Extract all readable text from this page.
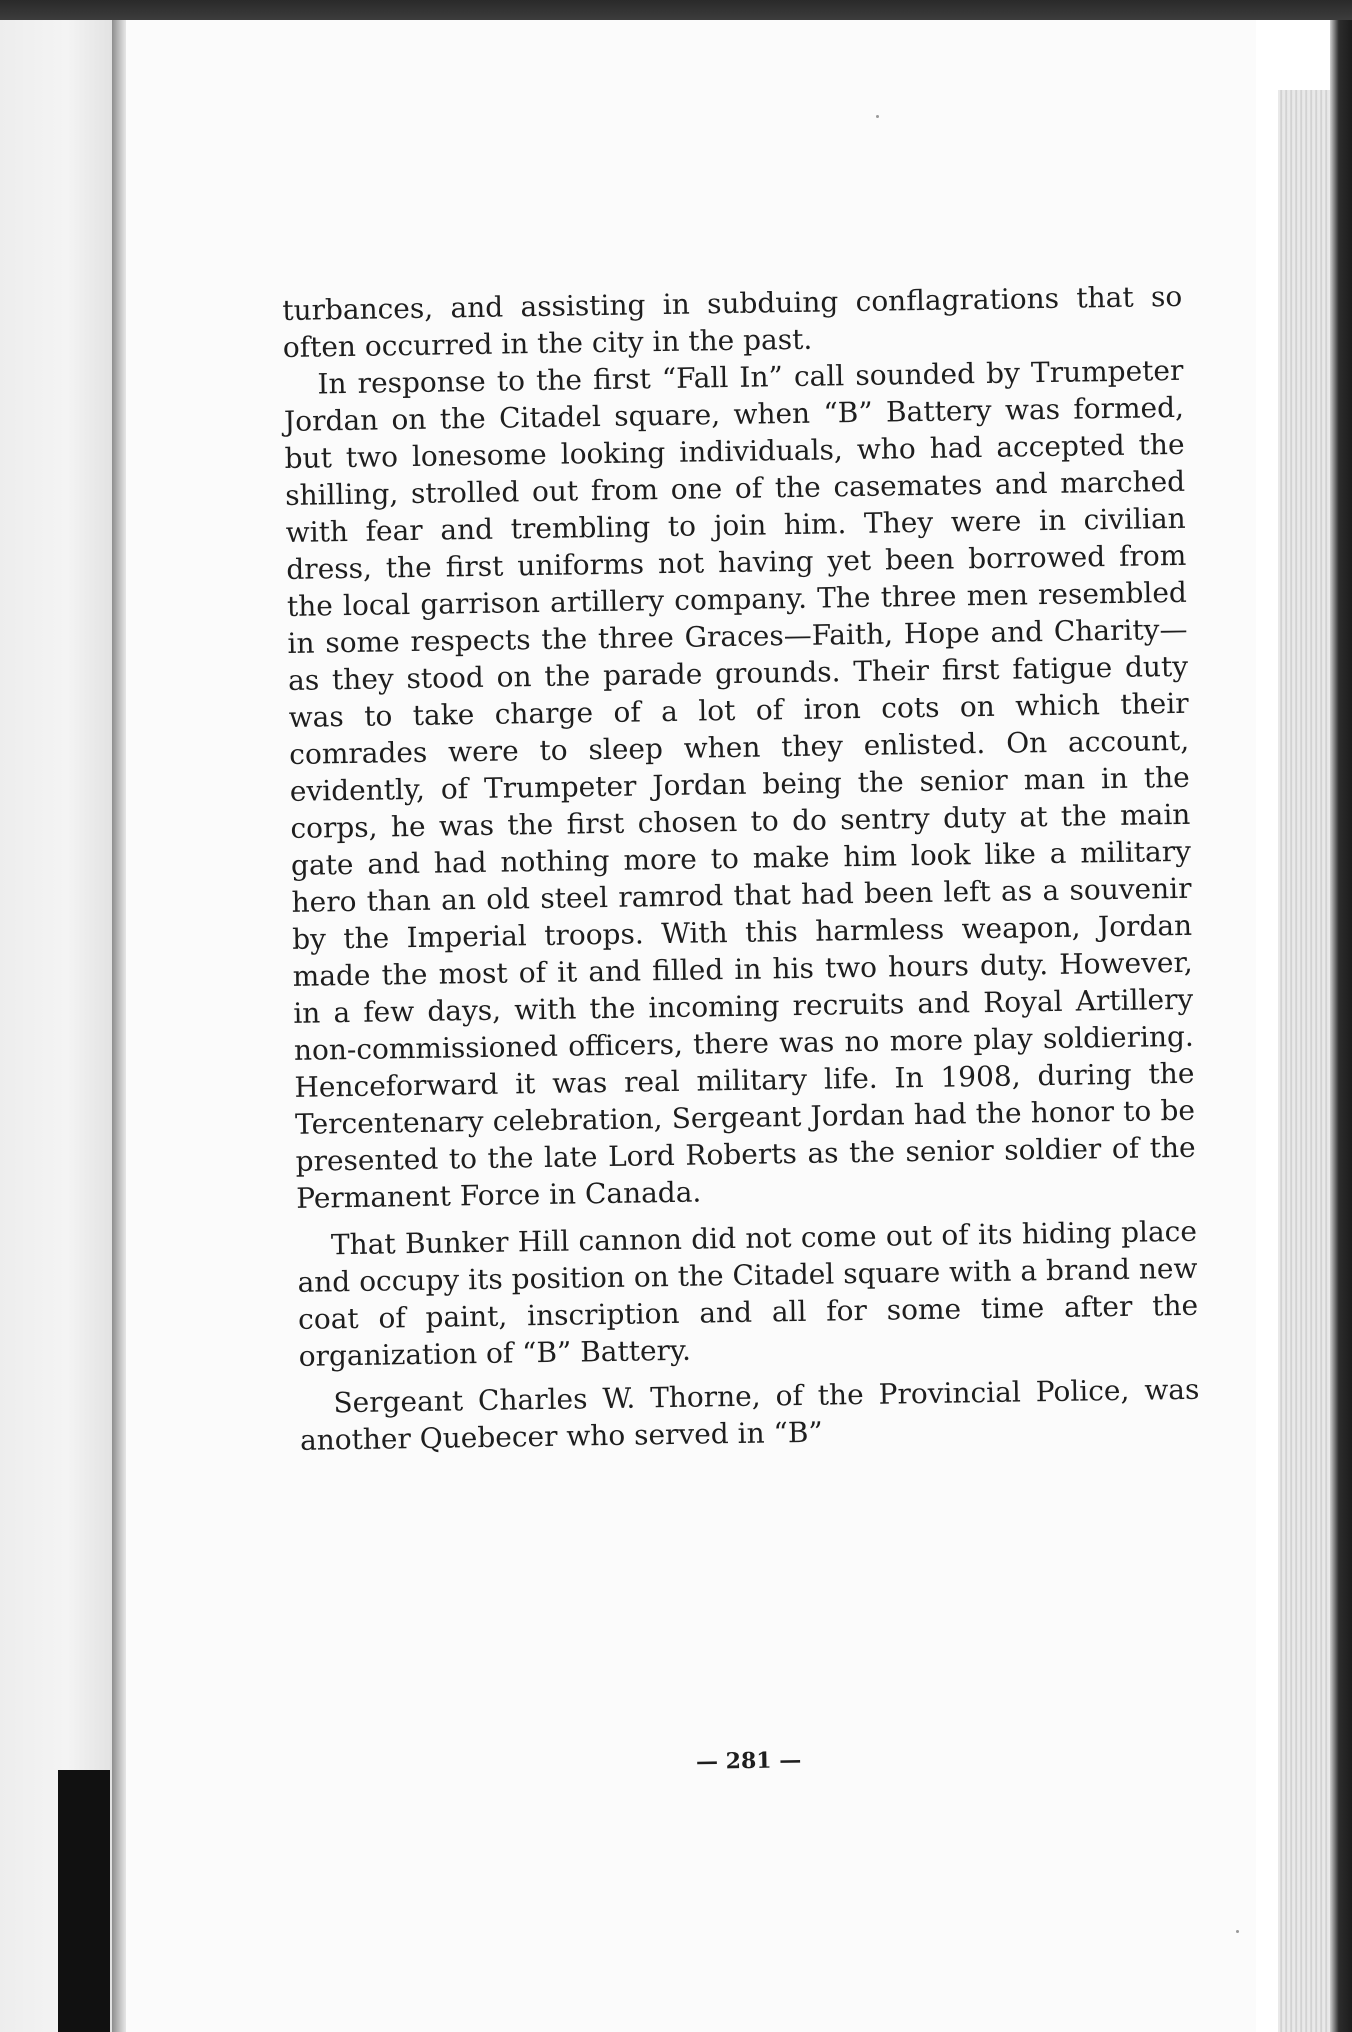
turbances, and assisting in subduing conflagrations that so often occurred in the city in the past.

In response to the first “Fall In” call sounded by Trumpeter Jordan on the Citadel square, when “B” Battery was formed, but two lonesome looking individuals, who had accepted the shilling, strolled out from one of the casemates and marched with fear and trembling to join him. They were in civilian dress, the first uniforms not having yet been borrowed from the local garrison artillery company. The three men resembled in some respects the three Graces—Faith, Hope and Charity—as they stood on the parade grounds. Their first fatigue duty was to take charge of a lot of iron cots on which their comrades were to sleep when they enlisted. On account, evidently, of Trumpeter Jordan being the senior man in the corps, he was the first chosen to do sentry duty at the main gate and had nothing more to make him look like a military hero than an old steel ramrod that had been left as a souvenir by the Imperial troops. With this harmless weapon, Jordan made the most of it and filled in his two hours duty. However, in a few days, with the incoming recruits and Royal Artillery non-commissioned officers, there was no more play soldiering. Henceforward it was real military life. In 1908, during the Tercentenary celebration, Sergeant Jordan had the honor to be presented to the late Lord Roberts as the senior soldier of the Permanent Force in Canada.

That Bunker Hill cannon did not come out of its hiding place and occupy its position on the Citadel square with a brand new coat of paint, inscription and all for some time after the organization of “B” Battery.

Sergeant Charles W. Thorne, of the Provincial Police, was another Quebecer who served in “B”

— 281 —
